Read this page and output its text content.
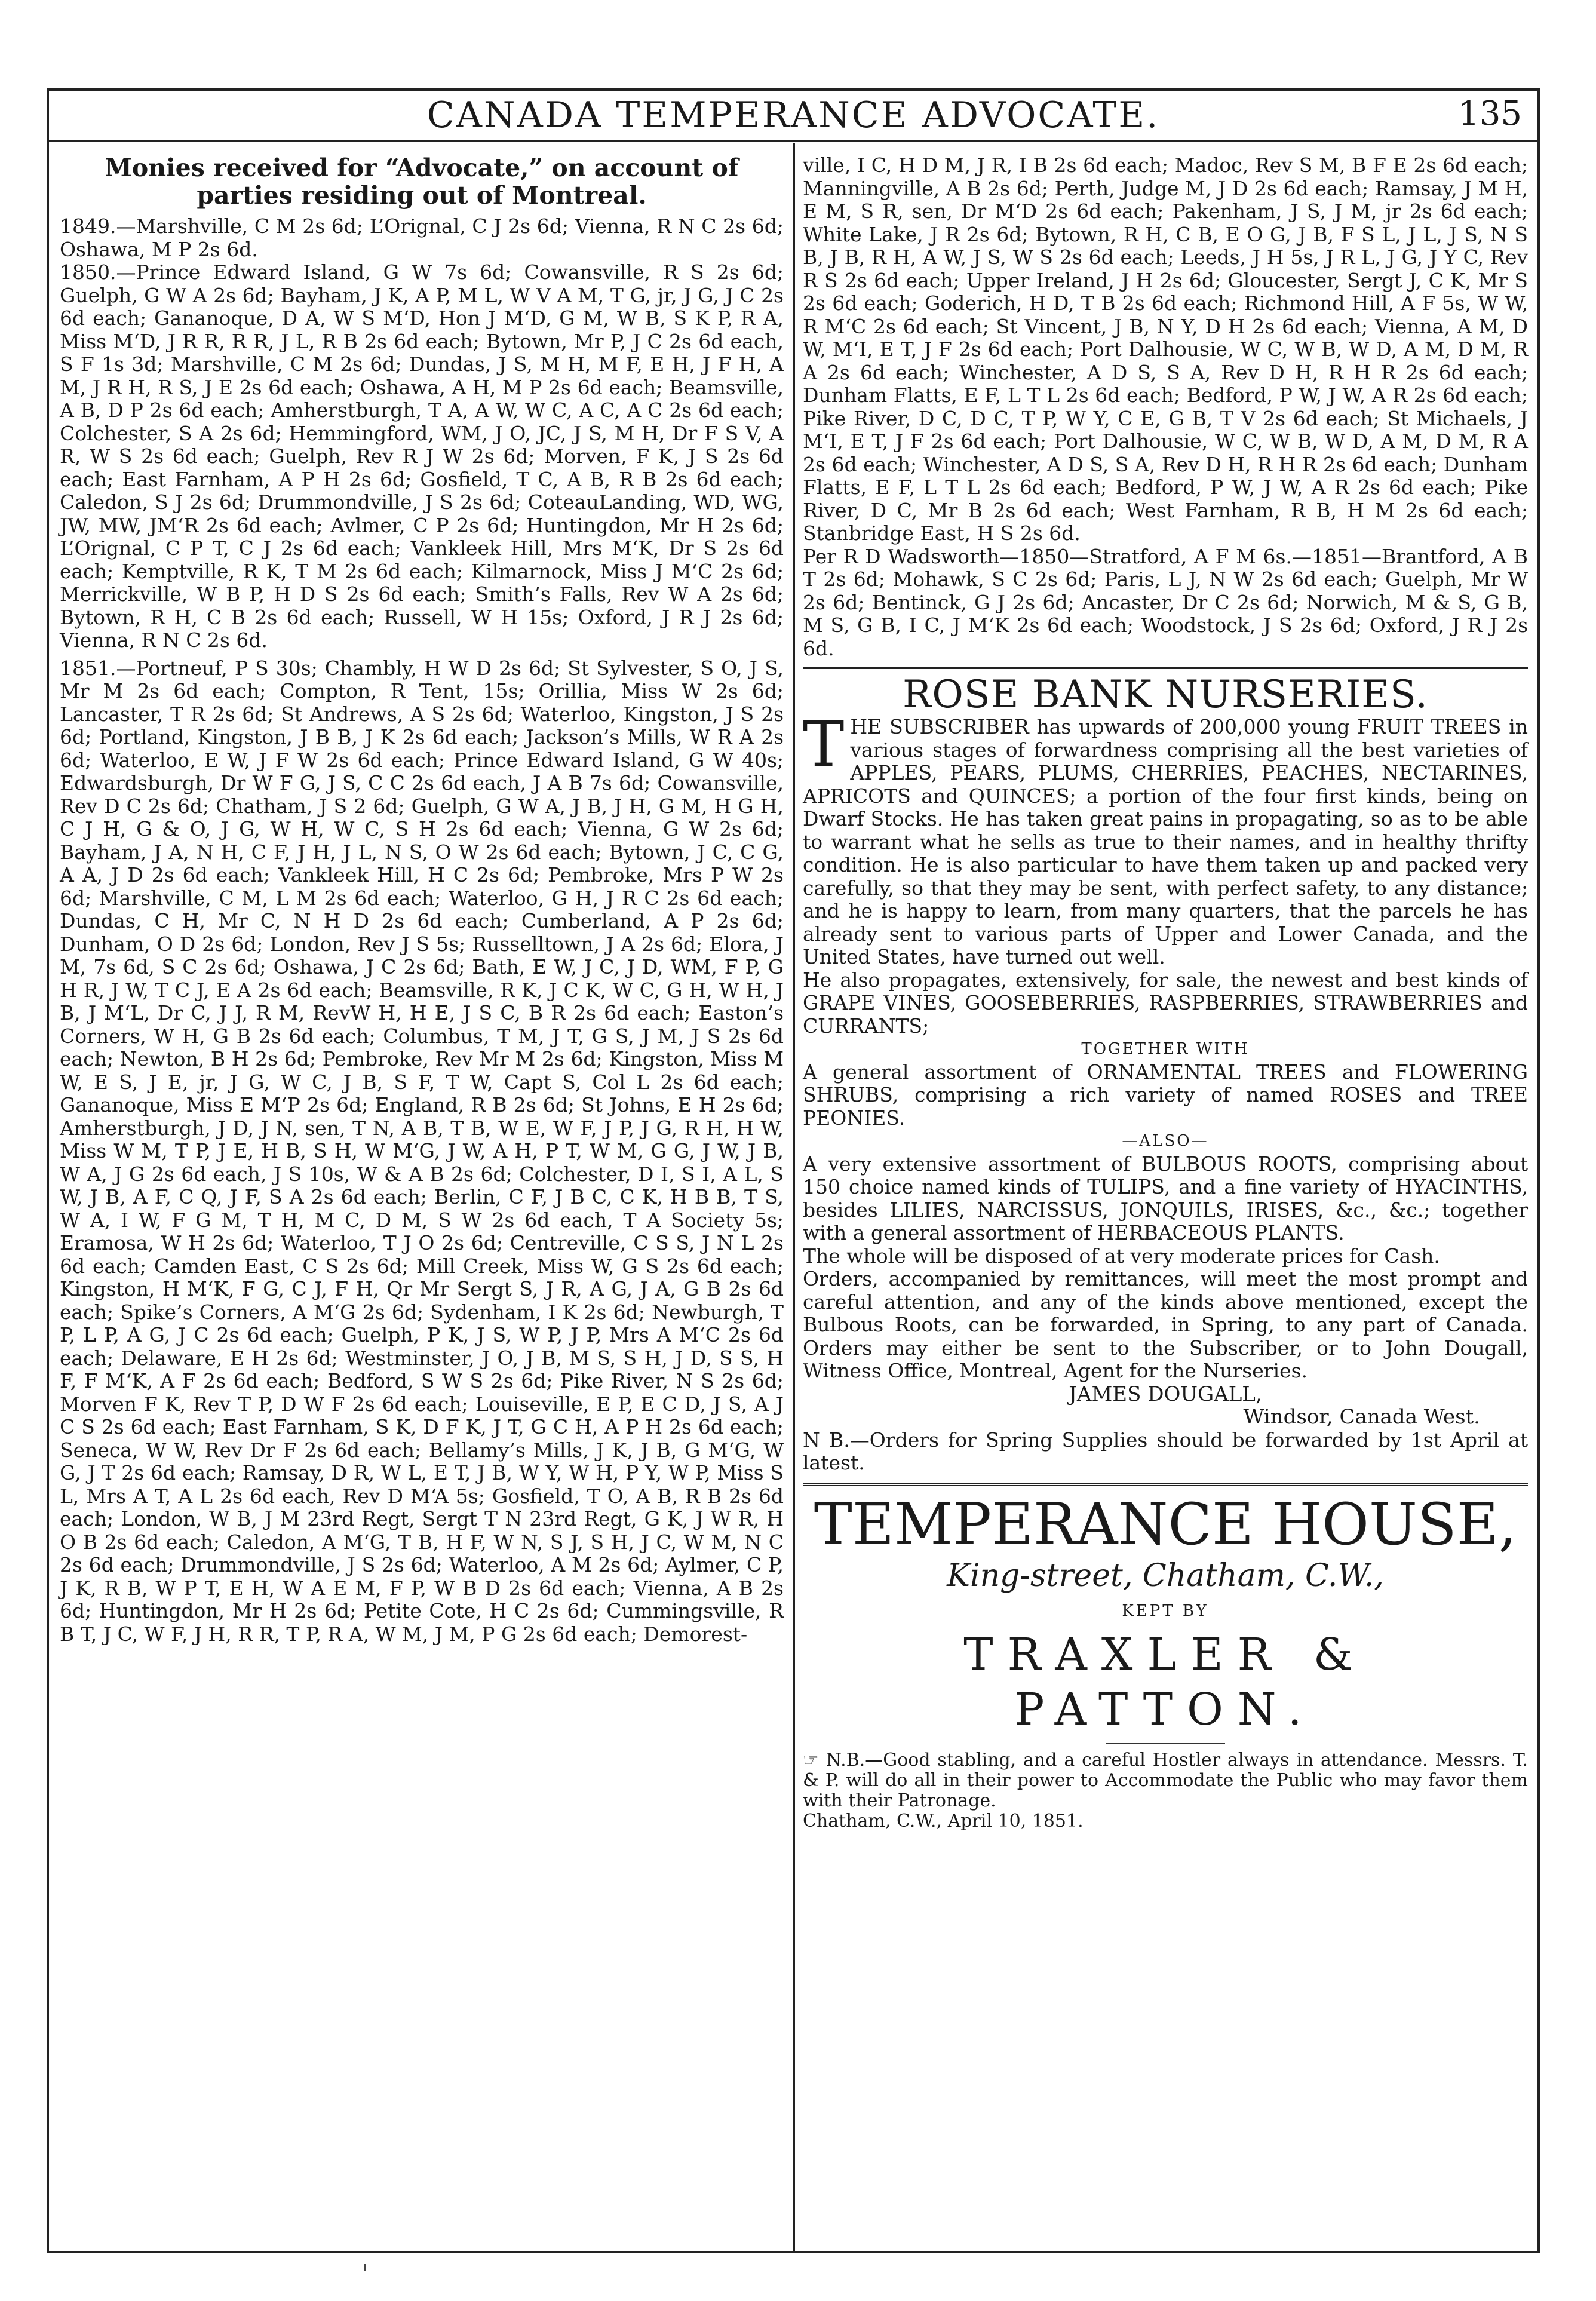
CANADA TEMPERANCE ADVOCATE.	135
Monies received for “Advocate,” on account of parties residing out of Montreal.

1849.—Marshville, C M 2s 6d; L’Orignal, C J 2s 6d; Vienna, R N C 2s 6d; Oshawa, M P 2s 6d.

1850.—Prince Edward Island, G W 7s 6d; Cowansville, R S 2s 6d; Guelph, G W A 2s 6d; Bayham, J K, A P, M L, W V A M, T G, jr, J G, J C 2s 6d each; Gananoque, D A, W S M‘D, Hon J M‘D, G M, W B, S K P, R A, Miss M‘D, J R R, R R, J L, R B 2s 6d each; Bytown, Mr P, J C 2s 6d each, S F 1s 3d; Marshville, C M 2s 6d; Dundas, J S, M H, M F, E H, J F H, A M, J R H, R S, J E 2s 6d each; Oshawa, A H, M P 2s 6d each; Beamsville, A B, D P 2s 6d each; Amherstburgh, T A, A W, W C, A C, A C 2s 6d each; Colchester, S A 2s 6d; Hemmingford, WM, J O, JC, J S, M H, Dr F S V, A R, W S 2s 6d each; Guelph, Rev R J W 2s 6d; Morven, F K, J S 2s 6d each; East Farnham, A P H 2s 6d; Gosfield, T C, A B, R B 2s 6d each; Caledon, S J 2s 6d; Drummondville, J S 2s 6d; CoteauLanding, WD, WG, JW, MW, JM‘R 2s 6d each; Avlmer, C P 2s 6d; Huntingdon, Mr H 2s 6d; L’Orignal, C P T, C J 2s 6d each; Vankleek Hill, Mrs M‘K, Dr S 2s 6d each; Kemptville, R K, T M 2s 6d each; Kilmarnock, Miss J M‘C 2s 6d; Merrickville, W B P, H D S 2s 6d each; Smith’s Falls, Rev W A 2s 6d; Bytown, R H, C B 2s 6d each; Russell, W H 15s; Oxford, J R J 2s 6d; Vienna, R N C 2s 6d.

1851.—Portneuf, P S 30s; Chambly, H W D 2s 6d; St Sylvester, S O, J S, Mr M 2s 6d each; Compton, R Tent, 15s; Orillia, Miss W 2s 6d; Lancaster, T R 2s 6d; St Andrews, A S 2s 6d; Waterloo, Kingston, J S 2s 6d; Portland, Kingston, J B B, J K 2s 6d each; Jackson’s Mills, W R A 2s 6d; Waterloo, E W, J F W 2s 6d each; Prince Edward Island, G W 40s; Edwardsburgh, Dr W F G, J S, C C 2s 6d each, J A B 7s 6d; Cowansville, Rev D C 2s 6d; Chatham, J S 2 6d; Guelph, G W A, J B, J H, G M, H G H, C J H, G & O, J G, W H, W C, S H 2s 6d each; Vienna, G W 2s 6d; Bayham, J A, N H, C F, J H, J L, N S, O W 2s 6d each; Bytown, J C, C G, A A, J D 2s 6d each; Vankleek Hill, H C 2s 6d; Pembroke, Mrs P W 2s 6d; Marshville, C M, L M 2s 6d each; Waterloo, G H, J R C 2s 6d each; Dundas, C H, Mr C, N H D 2s 6d each; Cumberland, A P 2s 6d; Dunham, O D 2s 6d; London, Rev J S 5s; Russelltown, J A 2s 6d; Elora, J M, 7s 6d, S C 2s 6d; Oshawa, J C 2s 6d; Bath, E W, J C, J D, WM, F P, G H R, J W, T C J, E A 2s 6d each; Beamsville, R K, J C K, W C, G H, W H, J B, J M‘L, Dr C, J J, R M, RevW H, H E, J S C, B R 2s 6d each; Easton’s Corners, W H, G B 2s 6d each; Columbus, T M, J T, G S, J M, J S 2s 6d each; Newton, B H 2s 6d; Pembroke, Rev Mr M 2s 6d; Kingston, Miss M W, E S, J E, jr, J G, W C, J B, S F, T W, Capt S, Col L 2s 6d each; Gananoque, Miss E M‘P 2s 6d; England, R B 2s 6d; St Johns, E H 2s 6d; Amherstburgh, J D, J N, sen, T N, A B, T B, W E, W F, J P, J G, R H, H W, Miss W M, T P, J E, H B, S H, W M‘G, J W, A H, P T, W M, G G, J W, J B, W A, J G 2s 6d each, J S 10s, W & A B 2s 6d; Colchester, D I, S I, A L, S W, J B, A F, C Q, J F, S A 2s 6d each; Berlin, C F, J B C, C K, H B B, T S, W A, I W, F G M, T H, M C, D M, S W 2s 6d each, T A Society 5s; Eramosa, W H 2s 6d; Waterloo, T J O 2s 6d; Centreville, C S S, J N L 2s 6d each; Camden East, C S 2s 6d; Mill Creek, Miss W, G S 2s 6d each; Kingston, H M‘K, F G, C J, F H, Qr Mr Sergt S, J R, A G, J A, G B 2s 6d each; Spike’s Corners, A M‘G 2s 6d; Sydenham, I K 2s 6d; Newburgh, T P, L P, A G, J C 2s 6d each; Guelph, P K, J S, W P, J P, Mrs A M‘C 2s 6d each; Delaware, E H 2s 6d; Westminster, J O, J B, M S, S H, J D, S S, H F, F M‘K, A F 2s 6d each; Bedford, S W S 2s 6d; Pike River, N S 2s 6d; Morven F K, Rev T P, D W F 2s 6d each; Louiseville, E P, E C D, J S, A J C S 2s 6d each; East Farnham, S K, D F K, J T, G C H, A P H 2s 6d each; Seneca, W W, Rev Dr F 2s 6d each; Bellamy’s Mills, J K, J B, G M‘G, W G, J T 2s 6d each; Ramsay, D R, W L, E T, J B, W Y, W H, P Y, W P, Miss S L, Mrs A T, A L 2s 6d each, Rev D M‘A 5s; Gosfield, T O, A B, R B 2s 6d each; London, W B, J M 23rd Regt, Sergt T N 23rd Regt, G K, J W R, H O B 2s 6d each; Caledon, A M‘G, T B, H F, W N, S J, S H, J C, W M, N C 2s 6d each; Drummondville, J S 2s 6d; Waterloo, A M 2s 6d; Aylmer, C P, J K, R B, W P T, E H, W A E M, F P, W B D 2s 6d each; Vienna, A B 2s 6d; Huntingdon, Mr H 2s 6d; Petite Cote, H C 2s 6d; Cummingsville, R B T, J C, W F, J H, R R, T P, R A, W M, J M, P G 2s 6d each; Demorest-

ville, I C, H D M, J R, I B 2s 6d each; Madoc, Rev S M, B F E 2s 6d each; Manningville, A B 2s 6d; Perth, Judge M, J D 2s 6d each; Ramsay, J M H, E M, S R, sen, Dr M‘D 2s 6d each; Pakenham, J S, J M, jr 2s 6d each; White Lake, J R 2s 6d; Bytown, R H, C B, E O G, J B, F S L, J L, J S, N S B, J B, R H, A W, J S, W S 2s 6d each; Leeds, J H 5s, J R L, J G, J Y C, Rev R S 2s 6d each; Upper Ireland, J H 2s 6d; Gloucester, Sergt J, C K, Mr S 2s 6d each; Goderich, H D, T B 2s 6d each; Richmond Hill, A F 5s, W W, R M‘C 2s 6d each; St Vincent, J B, N Y, D H 2s 6d each; Vienna, A M, D W, M‘I, E T, J F 2s 6d each; Port Dalhousie, W C, W B, W D, A M, D M, R A 2s 6d each; Winchester, A D S, S A, Rev D H, R H R 2s 6d each; Dunham Flatts, E F, L T L 2s 6d each; Bedford, P W, J W, A R 2s 6d each; Pike River, D C, D C, T P, W Y, C E, G B, T V 2s 6d each; St Michaels, J M‘I, E T, J F 2s 6d each; Port Dalhousie, W C, W B, W D, A M, D M, R A 2s 6d each; Winchester, A D S, S A, Rev D H, R H R 2s 6d each; Dunham Flatts, E F, L T L 2s 6d each; Bedford, P W, J W, A R 2s 6d each; Pike River, D C, Mr B 2s 6d each; West Farnham, R B, H M 2s 6d each; Stanbridge East, H S 2s 6d.

Per R D Wadsworth—1850—Stratford, A F M 6s.—1851—Brantford, A B T 2s 6d; Mohawk, S C 2s 6d; Paris, L J, N W 2s 6d each; Guelph, Mr W 2s 6d; Bentinck, G J 2s 6d; Ancaster, Dr C 2s 6d; Norwich, M & S, G B, M S, G B, I C, J M‘K 2s 6d each; Woodstock, J S 2s 6d; Oxford, J R J 2s 6d.

ROSE BANK NURSERIES.

THE SUBSCRIBER has upwards of 200,000 young FRUIT TREES in various stages of forwardness comprising all the best varieties of APPLES, PEARS, PLUMS, CHERRIES, PEACHES, NECTARINES, APRICOTS and QUINCES; a portion of the four first kinds, being on Dwarf Stocks. He has taken great pains in propagating, so as to be able to warrant what he sells as true to their names, and in healthy thrifty condition. He is also particular to have them taken up and packed very carefully, so that they may be sent, with perfect safety, to any distance; and he is happy to learn, from many quarters, that the parcels he has already sent to various parts of Upper and Lower Canada, and the United States, have turned out well.

He also propagates, extensively, for sale, the newest and best kinds of GRAPE VINES, GOOSEBERRIES, RASPBERRIES, STRAWBERRIES and CURRANTS;

TOGETHER WITH

A general assortment of ORNAMENTAL TREES and FLOWERING SHRUBS, comprising a rich variety of named ROSES and TREE PEONIES.

—ALSO—

A very extensive assortment of BULBOUS ROOTS, comprising about 150 choice named kinds of TULIPS, and a fine variety of HYACINTHS, besides LILIES, NARCISSUS, JONQUILS, IRISES, &c., &c.; together with a general assortment of HERBACEOUS PLANTS.

The whole will be disposed of at very moderate prices for Cash.

Orders, accompanied by remittances, will meet the most prompt and careful attention, and any of the kinds above mentioned, except the Bulbous Roots, can be forwarded, in Spring, to any part of Canada. Orders may either be sent to the Subscriber, or to John Dougall, Witness Office, Montreal, Agent for the Nurseries.

JAMES DOUGALL,
Windsor, Canada West.

N B.—Orders for Spring Supplies should be forwarded by 1st April at latest.

TEMPERANCE HOUSE,
King-street, Chatham, C.W.,
KEPT BY
TRAXLER & PATTON.

☞ N.B.—Good stabling, and a careful Hostler always in attendance. Messrs. T. & P. will do all in their power to Accommodate the Public who may favor them with their Patronage.

Chatham, C.W., April 10, 1851.
